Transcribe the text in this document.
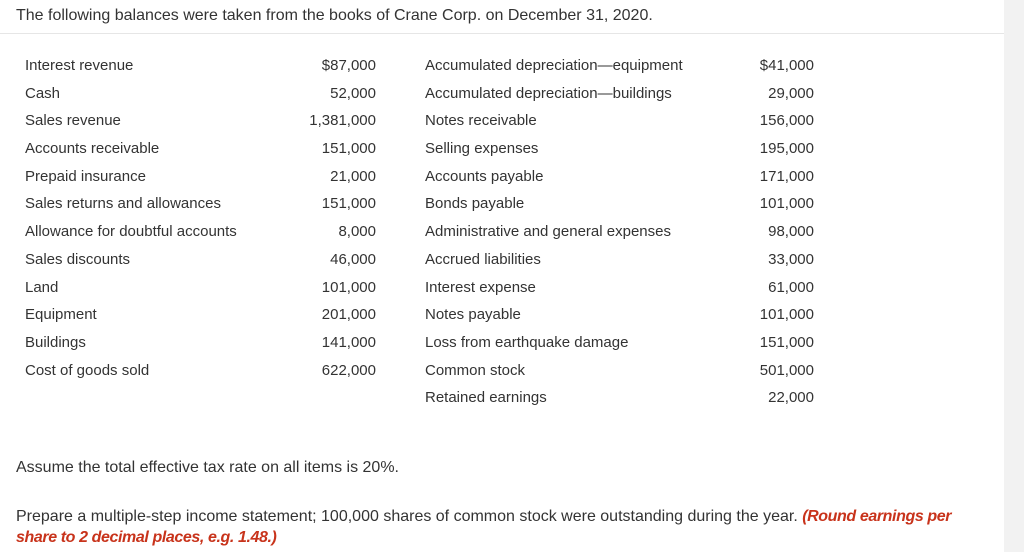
The following balances were taken from the books of Crane Corp. on December 31, 2020.
Interest revenue
Cash
Sales revenue
Accounts receivable
Prepaid insurance
Sales returns and allowances
Allowance for doubtful accounts
Sales discounts
Land
Equipment
Buildings
Cost of goods sold
$87,000
52,000
1,381,000
151,000
21,000
151,000
8,000
46,000
101,000
201,000
141,000
622,000
Accumulated depreciation—equipment
Accumulated depreciation—buildings
Notes receivable
Selling expenses
Accounts payable
Bonds payable
Administrative and general expenses
Accrued liabilities
Interest expense
Notes payable
Loss from earthquake damage
Common stock
Retained earnings
$41,000
29,000
156,000
195,000
171,000
101,000
98,000
33,000
61,000
101,000
151,000
501,000
22,000
Assume the total effective tax rate on all items is 20%.
Prepare a multiple-step income statement; 100,000 shares of common stock were outstanding during the year. (Round earnings per share to 2 decimal places, e.g. 1.48.)
